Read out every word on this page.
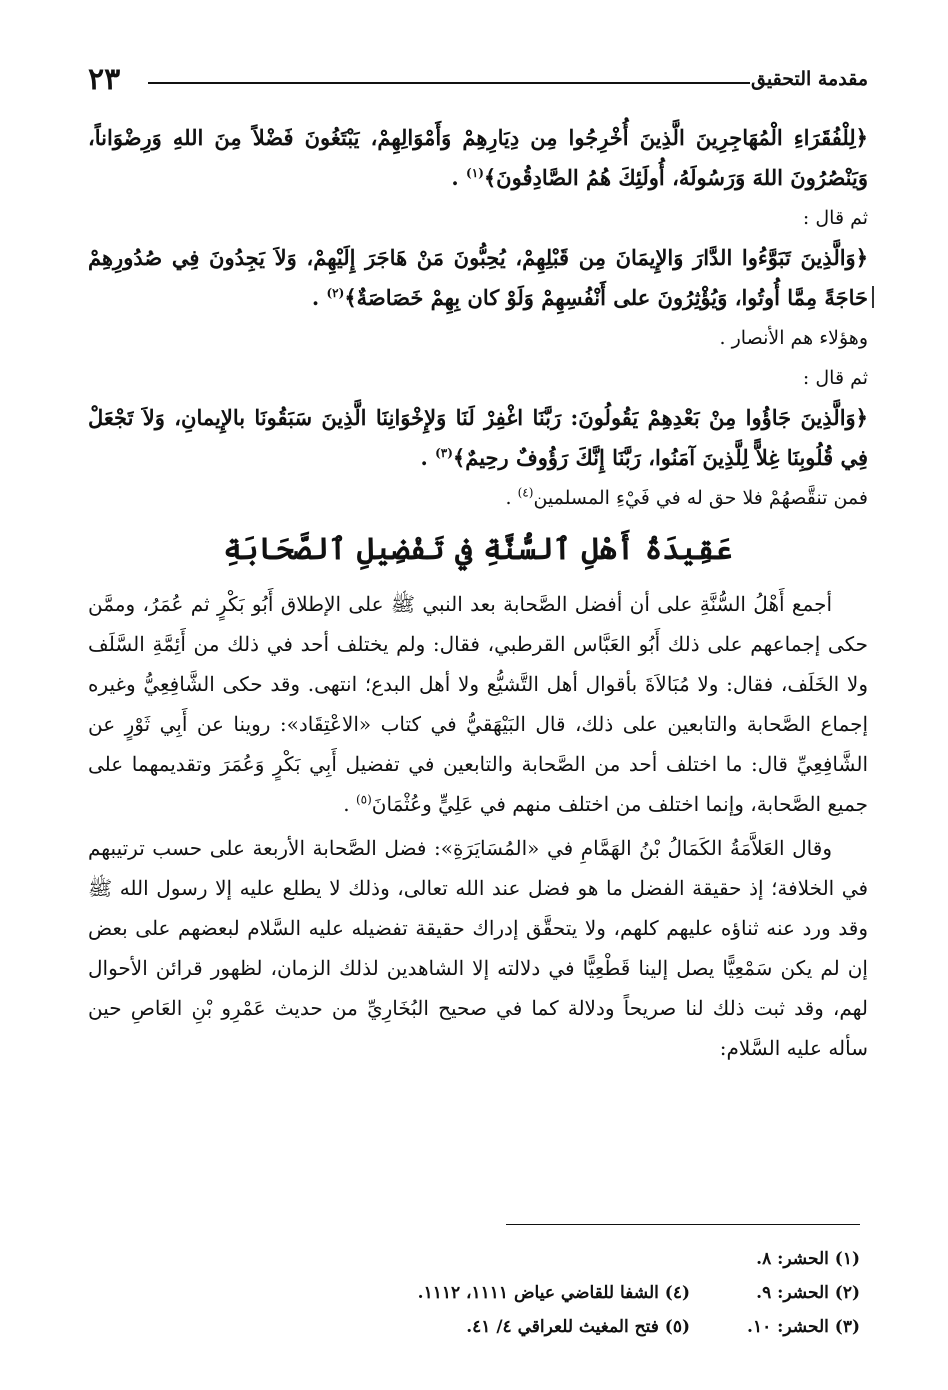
مقدمة التحقيق
٢٣

﴿لِلْفُقَرَاءِ الْمُهَاجِرِينَ الَّذِينَ أُخْرِجُوا مِن دِيَارِهِمْ وَأَمْوَالِهِمْ، يَبْتَغُونَ فَضْلاً مِنَ اللهِ وَرِضْوَاناً، وَيَنْصُرُونَ اللهَ وَرَسُولَهُ، أُولَئِكَ هُمُ الصَّادِقُونَ﴾$^{(١)}$ .

ثم قال :

﴿وَالَّذِينَ تَبَوَّءُوا الدَّارَ وَالإِيمَانَ مِن قَبْلِهِمْ، يُحِبُّونَ مَنْ هَاجَرَ إِلَيْهِمْ، وَلاَ يَجِدُونَ فِي صُدُورِهِمْ حَاجَةً مِمَّا أُوتُوا، وَيُؤْثِرُونَ على أَنْفُسِهِمْ وَلَوْ كان بِهِمْ خَصَاصَةٌ﴾$^{(٢)}$ .

وهؤلاء هم الأنصار .

ثم قال :

﴿وَالَّذِينَ جَاؤُوا مِنْ بَعْدِهِمْ يَقُولُونَ: رَبَّنَا اغْفِرْ لَنَا وَلإِخْوَانِنَا الَّذِينَ سَبَقُونَا بالإِيمانِ، وَلاَ تَجْعَلْ فِي قُلُوبِنَا غِلاًّ لِلَّذِينَ آمَنُوا، رَبَّنَا إِنَّكَ رَؤُوفٌ رحِيمٌ﴾$^{(٣)}$ .

فمن تنقَّصهُمْ فلا حق له في فَيْءِ المسلمين$^{(٤)}$ .

عَقِيدَةُ أَهْلِ ٱلسُّنَّةِ في تَفْضِيلِ ٱلصَّحَابَةِ

أجمع أَهْلُ السُّنَّةِ على أن أفضل الصَّحابة بعد النبي ﷺ على الإطلاق أَبُو بَكْرٍ ثم عُمَرُ، وممَّن حكى إجماعهم على ذلك أَبُو العَبَّاس القرطبي، فقال: ولم يختلف أحد في ذلك من أَئِمَّةِ السَّلَف ولا الخَلَف، فقال: ولا مُبَالاَةَ بأقوال أهل التَّشيُّع ولا أهل البدع؛ انتهى. وقد حكى الشَّافِعِيُّ وغيره إجماع الصَّحابة والتابعين على ذلك، قال البَيْهَقيُّ في كتاب «الاعْتِقَاد»: روينا عن أَبِي ثَوْرٍ عن الشَّافِعِيِّ قال: ما اختلف أحد من الصَّحابة والتابعين في تفضيل أَبِي بَكْرٍ وَعُمَرَ وتقديمهما على جميع الصَّحابة، وإنما اختلف من اختلف منهم في عَلِيٍّ وعُثْمَانَ$^{(٥)}$ .

وقال العَلاَّمَةُ الكَمَالُ بْنُ الهَمَّامِ في «المُسَايَرَةِ»: فضل الصَّحابة الأربعة على حسب ترتيبهم في الخلافة؛ إذ حقيقة الفضل ما هو فضل عند الله تعالى، وذلك لا يطلع عليه إلا رسول الله ﷺ وقد ورد عنه ثناؤه عليهم كلهم، ولا يتحقَّق إدراك حقيقة تفضيله عليه السَّلام لبعضهم على بعض إن لم يكن سَمْعِيًّا يصل إلينا قَطْعِيًّا في دلالته إلا الشاهدين لذلك الزمان، لظهور قرائن الأحوال لهم، وقد ثبت ذلك لنا صريحاً ودلالة كما في صحيح البُخَارِيِّ من حديث عَمْرِو بْنِ العَاصِ حين سأله عليه السَّلام:

(١) الحشر: ٨.
(٢) الحشر: ٩.
(٤) الشفا للقاضي عياض ١١١١، ١١١٢.
(٣) الحشر: ١٠.
(٥) فتح المغيث للعراقي ٤/ ٤١.
